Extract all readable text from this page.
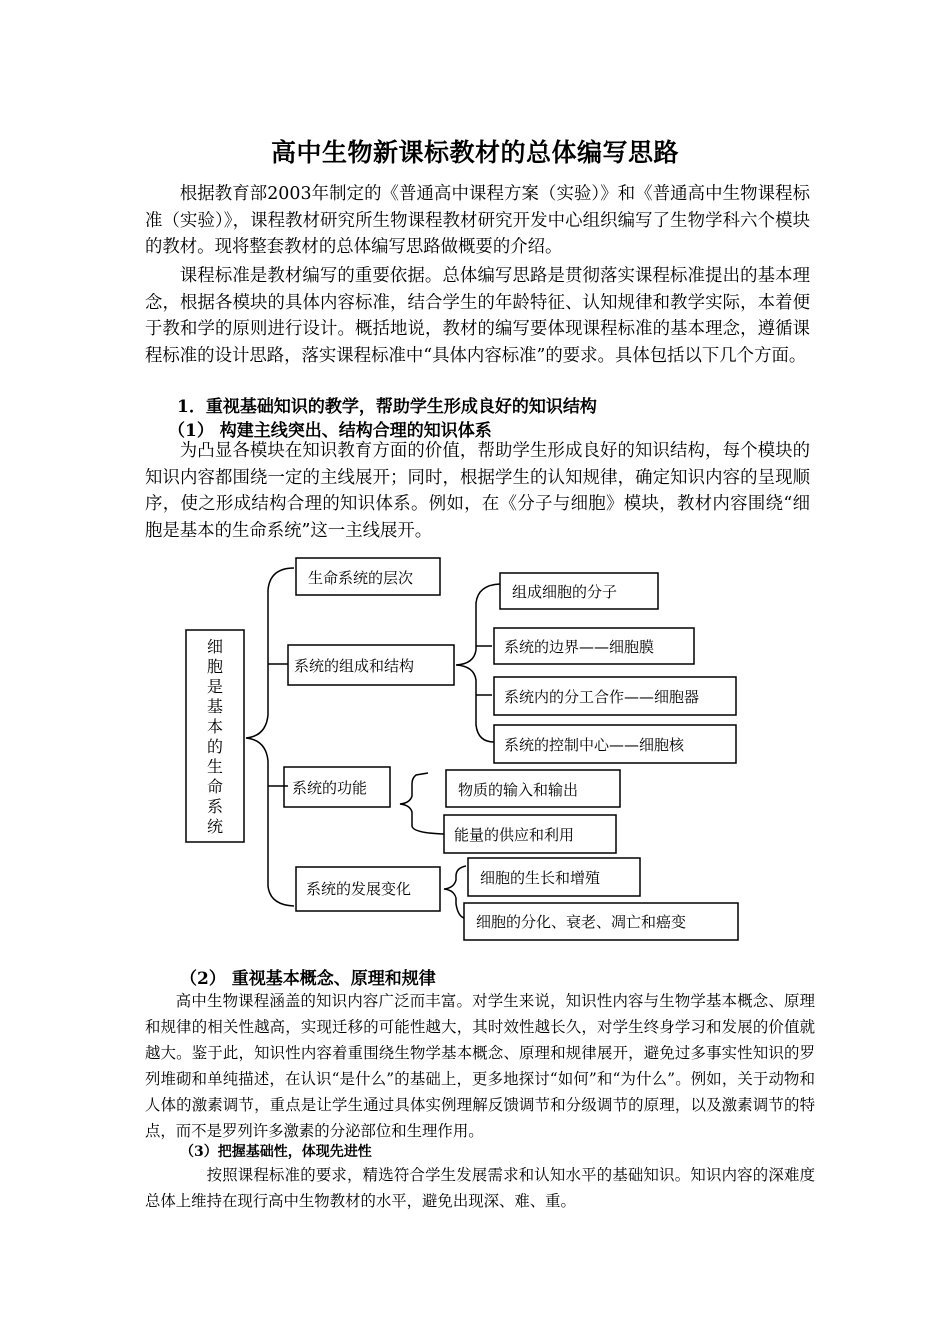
高中生物新课标教材的总体编写思路

根据教育部2003年制定的《普通高中课程方案（实验）》和《普通高中生物课程标准（实验）》，课程教材研究所生物课程教材研究开发中心组织编写了生物学科六个模块的教材。现将整套教材的总体编写思路做概要的介绍。

课程标准是教材编写的重要依据。总体编写思路是贯彻落实课程标准提出的基本理念，根据各模块的具体内容标准，结合学生的年龄特征、认知规律和教学实际，本着便于教和学的原则进行设计。概括地说，教材的编写要体现课程标准的基本理念，遵循课程标准的设计思路，落实课程标准中“具体内容标准”的要求。具体包括以下几个方面。

1．重视基础知识的教学，帮助学生形成良好的知识结构

（1） 构建主线突出、结构合理的知识体系

为凸显各模块在知识教育方面的价值，帮助学生形成良好的知识结构，每个模块的知识内容都围绕一定的主线展开；同时，根据学生的认知规律，确定知识内容的呈现顺序，使之形成结构合理的知识体系。例如，在《分子与细胞》模块，教材内容围绕“细胞是基本的生命系统”这一主线展开。

细
胞
是
基
本
的
生
命
系
统
生命系统的层次
系统的组成和结构
系统的功能
系统的发展变化
组成细胞的分子
系统的边界——细胞膜
系统内的分工合作——细胞器
系统的控制中心——细胞核
物质的输入和输出
能量的供应和利用
细胞的生长和增殖
细胞的分化、衰老、凋亡和癌变

（2） 重视基本概念、原理和规律

高中生物课程涵盖的知识内容广泛而丰富。对学生来说，知识性内容与生物学基本概念、原理和规律的相关性越高，实现迁移的可能性越大，其时效性越长久，对学生终身学习和发展的价值就越大。鉴于此，知识性内容着重围绕生物学基本概念、原理和规律展开，避免过多事实性知识的罗列堆砌和单纯描述，在认识“是什么”的基础上，更多地探讨“如何”和“为什么”。例如，关于动物和人体的激素调节，重点是让学生通过具体实例理解反馈调节和分级调节的原理，以及激素调节的特点，而不是罗列许多激素的分泌部位和生理作用。

（3）把握基础性，体现先进性

按照课程标准的要求，精选符合学生发展需求和认知水平的基础知识。知识内容的深难度总体上维持在现行高中生物教材的水平，避免出现深、难、重。
